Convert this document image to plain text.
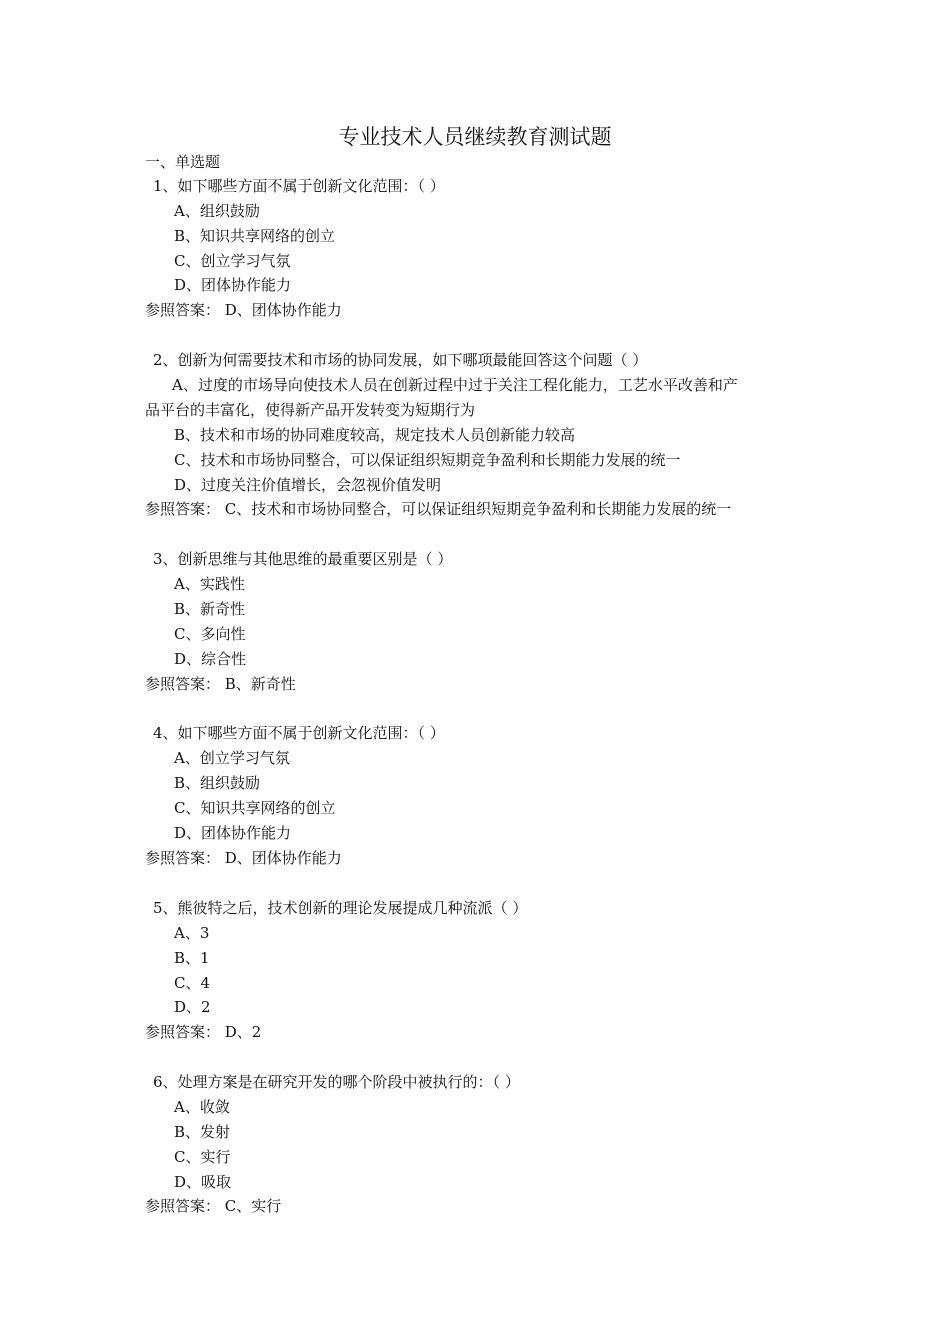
专业技术人员继续教育测试题
一、单选题
1、如下哪些方面不属于创新文化范围：（ ）
A、组织鼓励
B、知识共享网络的创立
C、创立学习气氛
D、团体协作能力
参照答案： D、团体协作能力
2、创新为何需要技术和市场的协同发展，如下哪项最能回答这个问题（ ）
A、过度的市场导向使技术人员在创新过程中过于关注工程化能力，工艺水平改善和产
品平台的丰富化，使得新产品开发转变为短期行为
B、技术和市场的协同难度较高，规定技术人员创新能力较高
C、技术和市场协同整合，可以保证组织短期竞争盈利和长期能力发展的统一
D、过度关注价值增长，会忽视价值发明
参照答案： C、技术和市场协同整合，可以保证组织短期竞争盈利和长期能力发展的统一
3、创新思维与其他思维的最重要区别是（ ）
A、实践性
B、新奇性
C、多向性
D、综合性
参照答案： B、新奇性
4、如下哪些方面不属于创新文化范围：（ ）
A、创立学习气氛
B、组织鼓励
C、知识共享网络的创立
D、团体协作能力
参照答案： D、团体协作能力
5、熊彼特之后，技术创新的理论发展提成几种流派（ ）
A、3
B、1
C、4
D、2
参照答案： D、2
6、处理方案是在研究开发的哪个阶段中被执行的：（ ）
A、收敛
B、发射
C、实行
D、吸取
参照答案： C、实行
